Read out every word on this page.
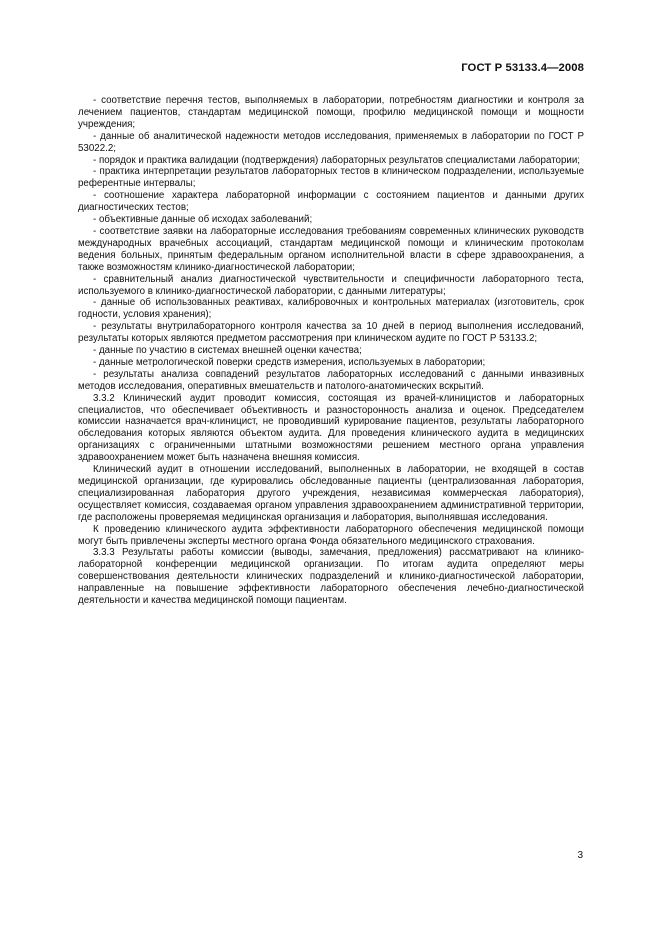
ГОСТ Р 53133.4—2008

- соответствие перечня тестов, выполняемых в лаборатории, потребностям диагностики и контроля за лечением пациентов, стандартам медицинской помощи, профилю медицинской помощи и мощности учреждения;

- данные об аналитической надежности методов исследования, применяемых в лаборатории по ГОСТ Р 53022.2;

- порядок и практика валидации (подтверждения) лабораторных результатов специалистами лаборатории;

- практика интерпретации результатов лабораторных тестов в клиническом подразделении, используемые референтные интервалы;

- соотношение характера лабораторной информации с состоянием пациентов и данными других диагностических тестов;

- объективные данные об исходах заболеваний;

- соответствие заявки на лабораторные исследования требованиям современных клинических руководств международных врачебных ассоциаций, стандартам медицинской помощи и клиническим протоколам ведения больных, принятым федеральным органом исполнительной власти в сфере здравоохранения, а также возможностям клинико-диагностической лаборатории;

- сравнительный анализ диагностической чувствительности и специфичности лабораторного теста, используемого в клинико-диагностической лаборатории, с данными литературы;

- данные об использованных реактивах, калибровочных и контрольных материалах (изготовитель, срок годности, условия хранения);

- результаты внутрилабораторного контроля качества за 10 дней в период выполнения исследований, результаты которых являются предметом рассмотрения при клиническом аудите по ГОСТ Р 53133.2;

- данные по участию в системах внешней оценки качества;

- данные метрологической поверки средств измерения, используемых в лаборатории;

- результаты анализа совпадений результатов лабораторных исследований с данными инвазивных методов исследования, оперативных вмешательств и патолого-анатомических вскрытий.

3.3.2 Клинический аудит проводит комиссия, состоящая из врачей-клиницистов и лабораторных специалистов, что обеспечивает объективность и разносторонность анализа и оценок. Председателем комиссии назначается врач-клиницист, не проводивший курирование пациентов, результаты лабораторного обследования которых являются объектом аудита. Для проведения клинического аудита в медицинских организациях с ограниченными штатными возможностями решением местного органа управления здравоохранением может быть назначена внешняя комиссия.

Клинический аудит в отношении исследований, выполненных в лаборатории, не входящей в состав медицинской организации, где курировались обследованные пациенты (централизованная лаборатория, специализированная лаборатория другого учреждения, независимая коммерческая лаборатория), осуществляет комиссия, создаваемая органом управления здравоохранением административной территории, где расположены проверяемая медицинская организация и лаборатория, выполнявшая исследования.

К проведению клинического аудита эффективности лабораторного обеспечения медицинской помощи могут быть привлечены эксперты местного органа Фонда обязательного медицинского страхования.

3.3.3 Результаты работы комиссии (выводы, замечания, предложения) рассматривают на клинико-лабораторной конференции медицинской организации. По итогам аудита определяют меры совершенствования деятельности клинических подразделений и клинико-диагностической лаборатории, направленные на повышение эффективности лабораторного обеспечения лечебно-диагностической деятельности и качества медицинской помощи пациентам.

3
